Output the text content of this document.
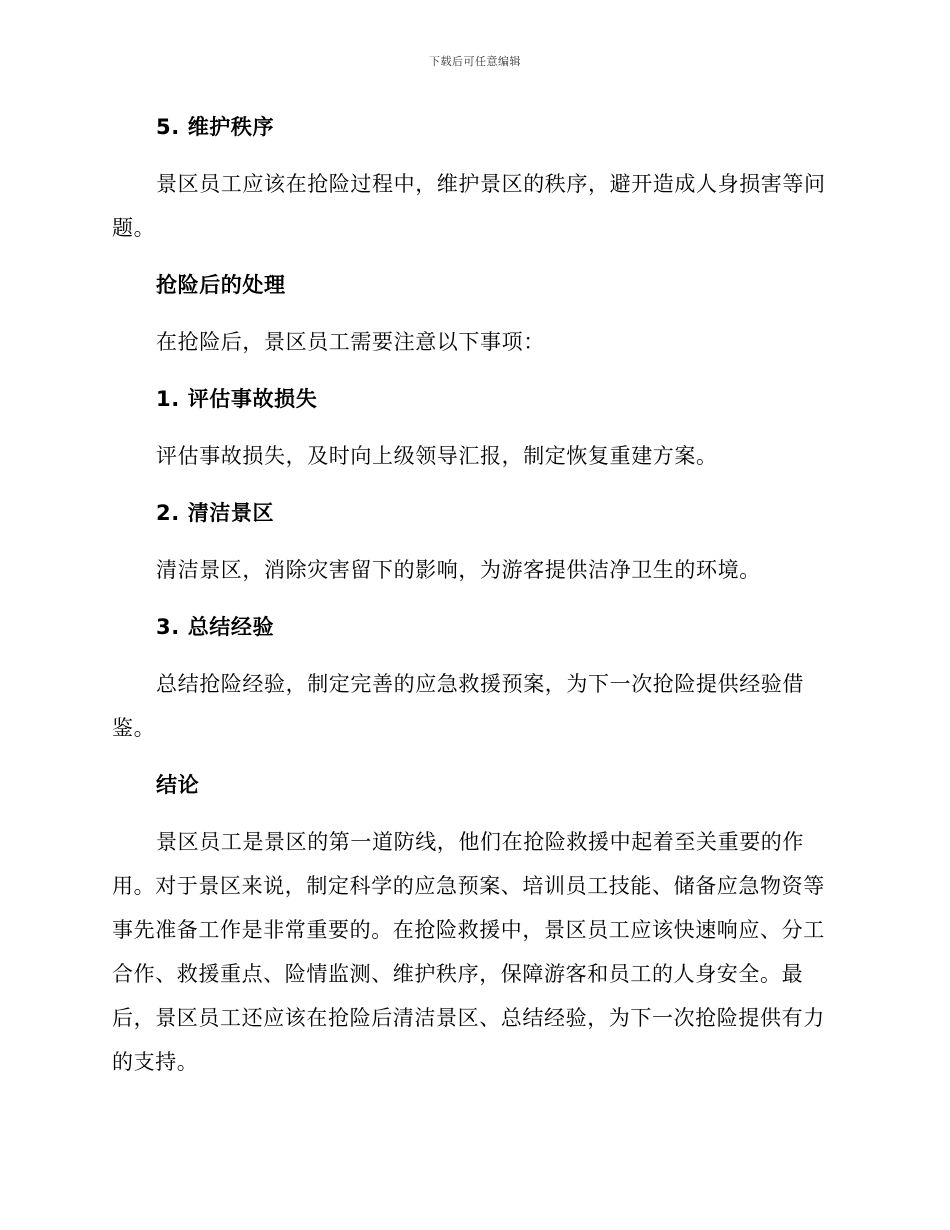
下载后可任意编辑

5. 维护秩序

景区员工应该在抢险过程中，维护景区的秩序，避开造成人身损害等问题。

抢险后的处理

在抢险后，景区员工需要注意以下事项：

1. 评估事故损失

评估事故损失，及时向上级领导汇报，制定恢复重建方案。

2. 清洁景区

清洁景区，消除灾害留下的影响，为游客提供洁净卫生的环境。

3. 总结经验

总结抢险经验，制定完善的应急救援预案，为下一次抢险提供经验借鉴。

结论

景区员工是景区的第一道防线，他们在抢险救援中起着至关重要的作用。对于景区来说，制定科学的应急预案、培训员工技能、储备应急物资等事先准备工作是非常重要的。在抢险救援中，景区员工应该快速响应、分工合作、救援重点、险情监测、维护秩序，保障游客和员工的人身安全。最后，景区员工还应该在抢险后清洁景区、总结经验，为下一次抢险提供有力的支持。
